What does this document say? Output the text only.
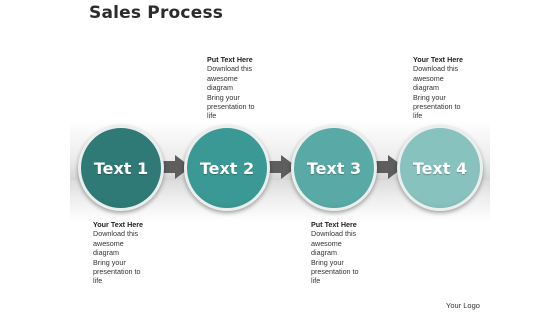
Sales Process
Text 1	Text 2	Text 3	Text 4
Put Text Here
Download this
awesome
diagram
Bring your
presentation to
life
Your Text Here
Download this
awesome
diagram
Bring your
presentation to
life
Your Text Here
Download this
awesome
diagram
Bring your
presentation to
life
Put Text Here
Download this
awesome
diagram
Bring your
presentation to
life
Your Logo
